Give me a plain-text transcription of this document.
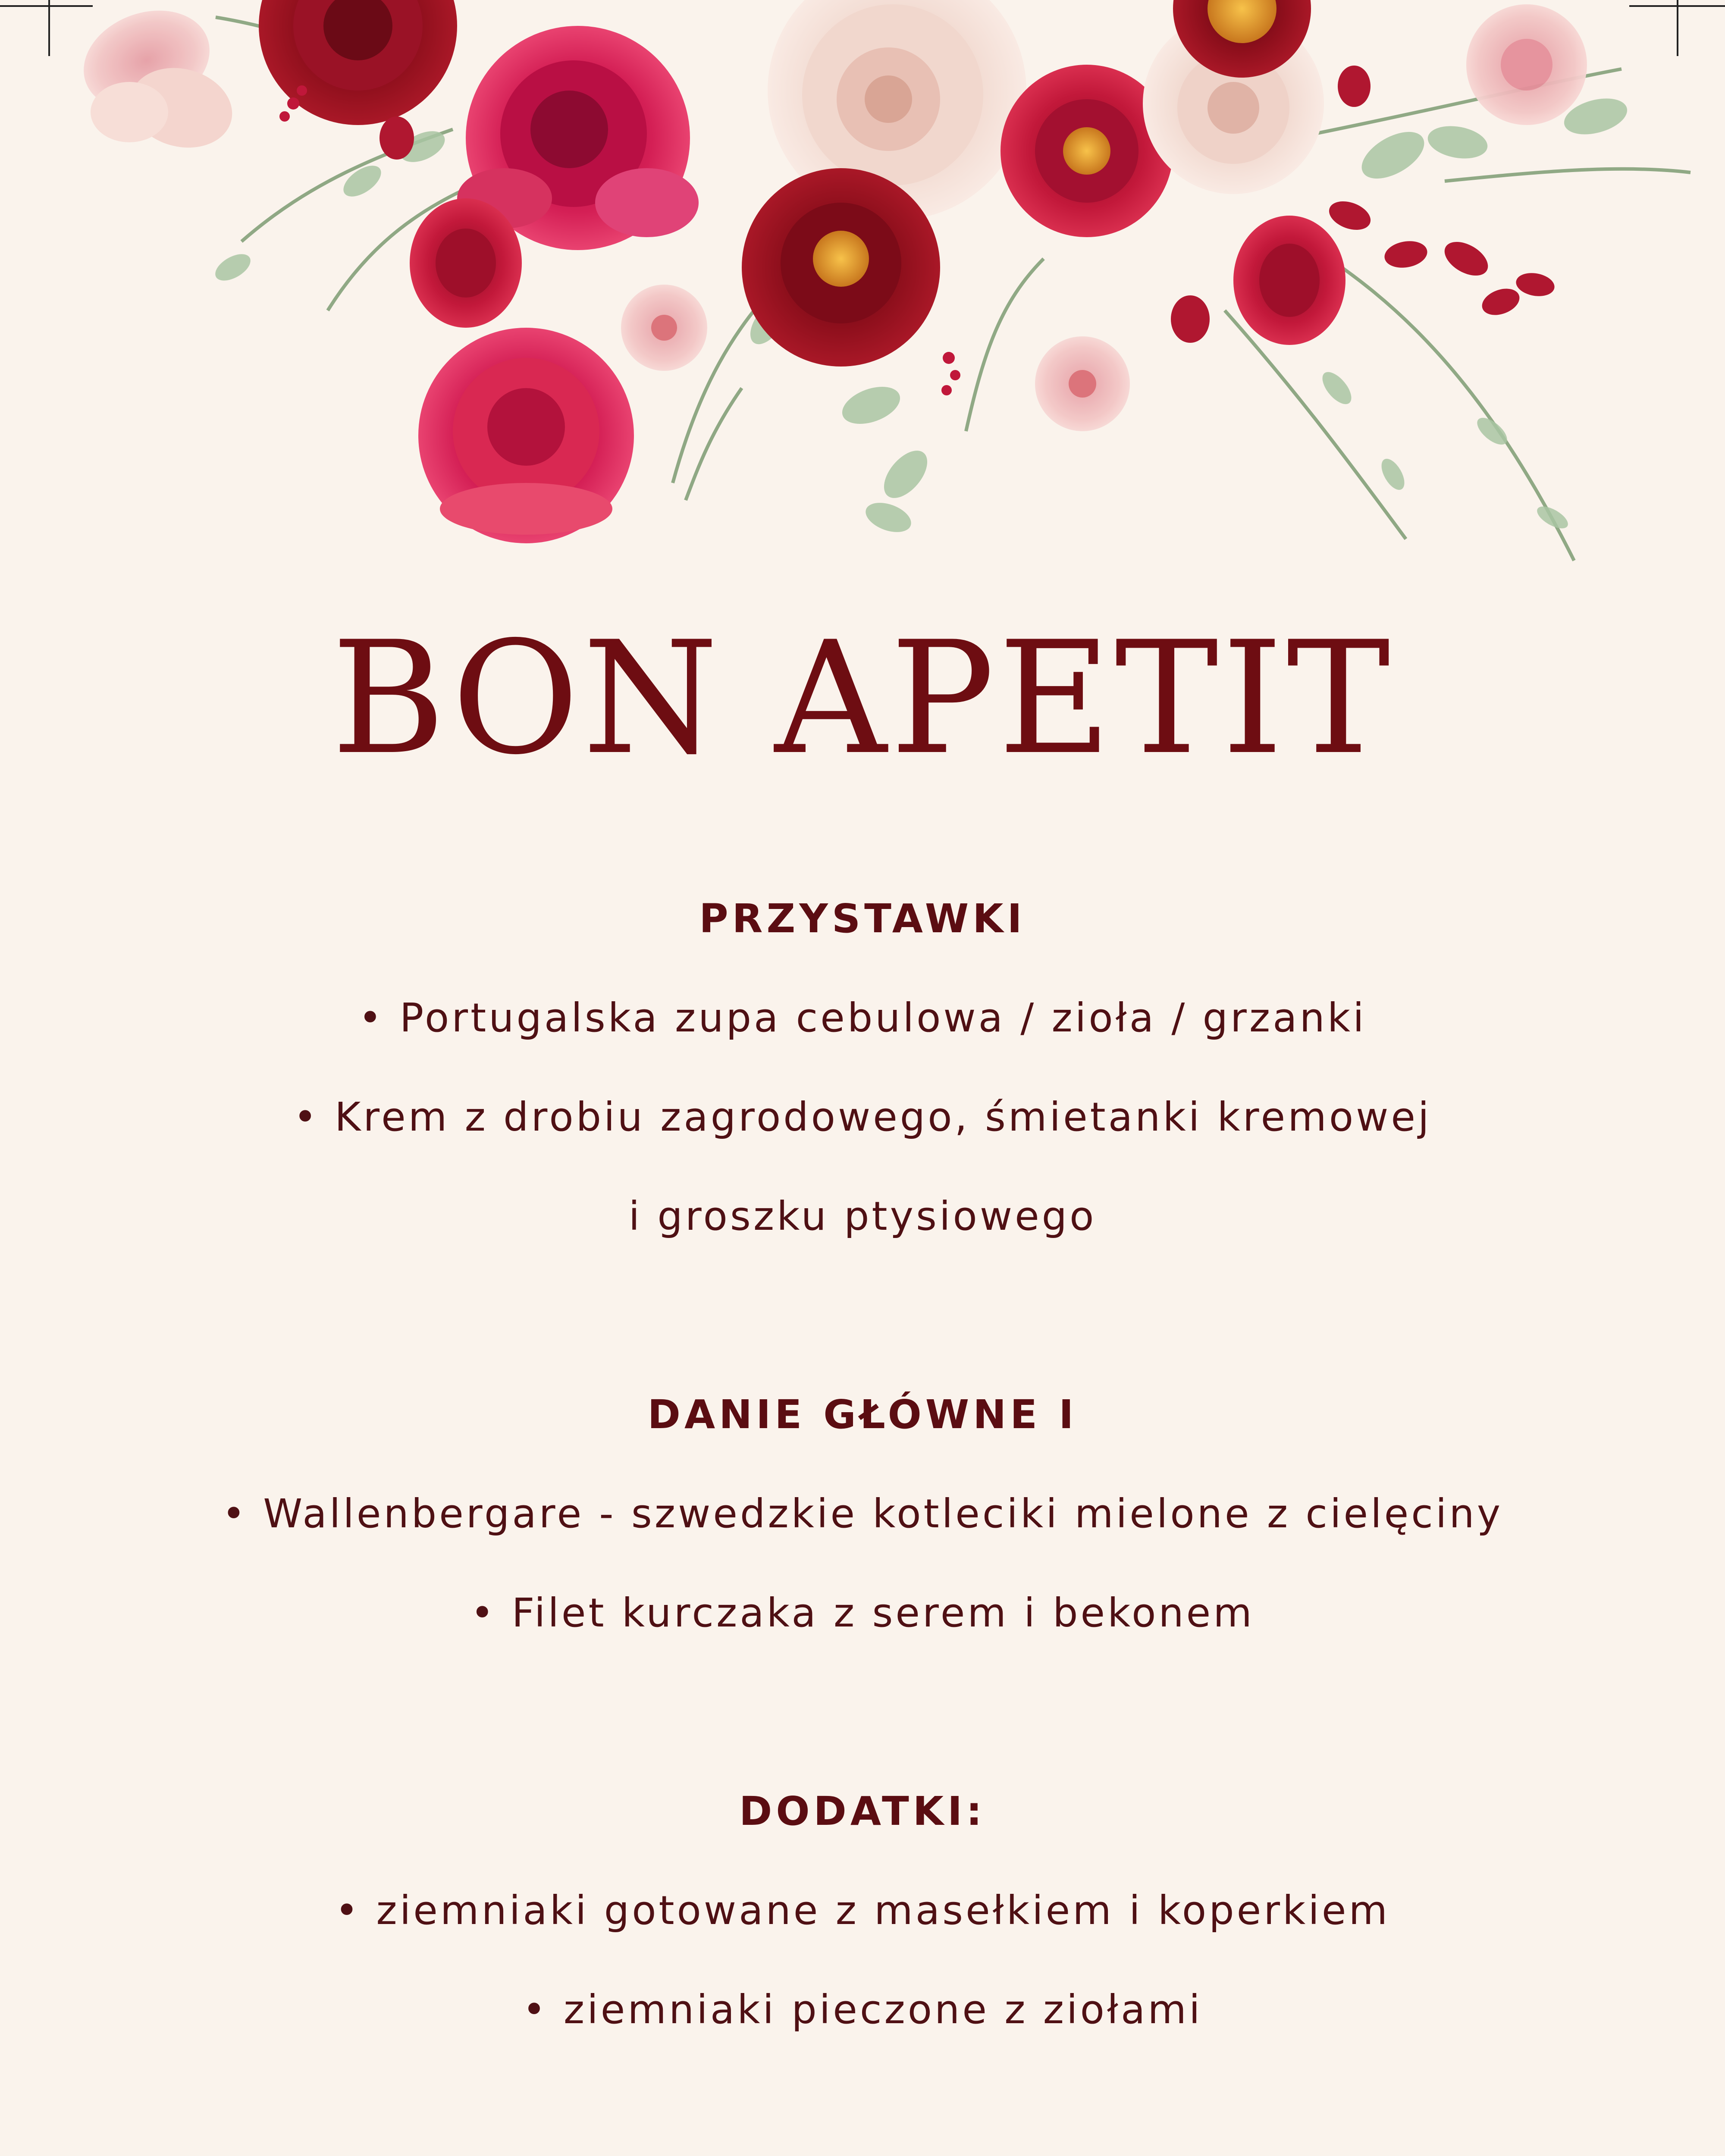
BON APETIT
PRZYSTAWKI
• Portugalska zupa cebulowa / zioła / grzanki
• Krem z drobiu zagrodowego, śmietanki kremowej
i groszku ptysiowego
DANIE GŁÓWNE I
• Wallenbergare - szwedzkie kotleciki mielone z cielęciny
• Filet kurczaka z serem i bekonem
DODATKI:
• ziemniaki gotowane z masełkiem i koperkiem
• ziemniaki pieczone z ziołami
